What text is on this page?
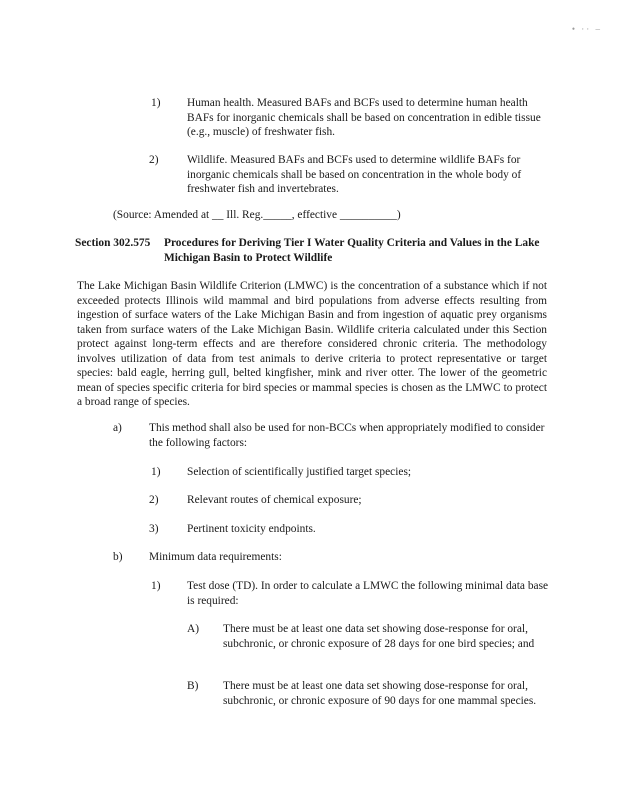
• ·· –
1) Human health. Measured BAFs and BCFs used to determine human health BAFs for inorganic chemicals shall be based on concentration in edible tissue (e.g., muscle) of freshwater fish.

2)	Wildlife. Measured BAFs and BCFs used to determine wildlife BAFs for inorganic chemicals shall be based on concentration in the whole body of freshwater fish and invertebrates.

(Source: Amended at __ Ill. Reg._____, effective __________)

Section 302.575 Procedures for Deriving Tier I Water Quality Criteria and Values in the Lake Michigan Basin to Protect Wildlife

The Lake Michigan Basin Wildlife Criterion (LMWC) is the concentration of a substance which if not exceeded protects Illinois wild mammal and bird populations from adverse effects resulting from ingestion of surface waters of the Lake Michigan Basin and from ingestion of aquatic prey organisms taken from surface waters of the Lake Michigan Basin. Wildlife criteria calculated under this Section protect against long-term effects and are therefore considered chronic criteria. The methodology involves utilization of data from test animals to derive criteria to protect representative or target species: bald eagle, herring gull, belted kingfisher, mink and river otter. The lower of the geometric mean of species specific criteria for bird species or mammal species is chosen as the LMWC to protect a broad range of species.

a) This method shall also be used for non-BCCs when appropriately modified to consider the following factors:

1) Selection of scientifically justified target species;

2)	Relevant routes of chemical exposure;

3)	Pertinent toxicity endpoints.

b) Minimum data requirements:

1) Test dose (TD). In order to calculate a LMWC the following minimal data base is required:

A) There must be at least one data set showing dose-response for oral, subchronic, or chronic exposure of 28 days for one bird species; and

B) There must be at least one data set showing dose-response for oral, subchronic, or chronic exposure of 90 days for one mammal species.
